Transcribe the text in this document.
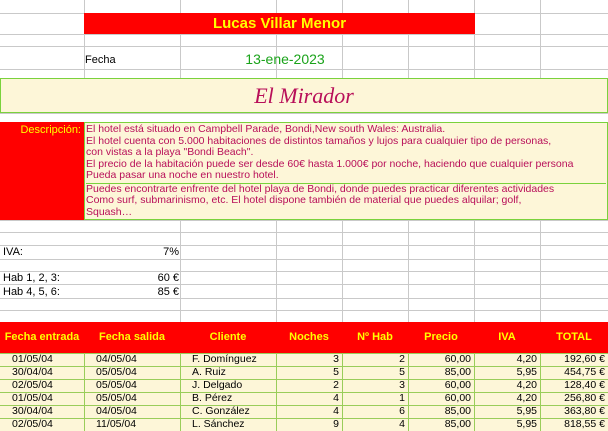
Lucas Villar Menor
Fecha	13-ene-2023
El Mirador
Descripción: El hotel está situado en Campbell Parade, Bondi,New south Wales: Australia.

El hotel cuenta con 5.000 habitaciones de distintos tamaños y lujos para cualquier tipo de personas,

con vistas a la playa "Bondi Beach".

El precio de la habitación puede ser desde 60€ hasta 1.000€ por noche, haciendo que cualquier persona

Pueda pasar una noche en nuestro hotel.

Puedes encontrarte enfrente del hotel playa de Bondi, donde puedes practicar diferentes actividades

Como surf, submarinismo, etc. El hotel dispone también de material que puedes alquilar; golf,

Squash…

IVA:	7%
Hab 1, 2, 3:	60 €
Hab 4, 5, 6:	85 €
Fecha entrada	Fecha salida	Cliente	Noches	Nº Hab	Precio	IVA	TOTAL
01/05/04	04/05/04	F. Domínguez	3	2	60,00	4,20	192,60 €
30/04/04	05/05/04	A. Ruiz	5	5	85,00	5,95	454,75 €
02/05/04	05/05/04	J. Delgado	2	3	60,00	4,20	128,40 €
01/05/04	05/05/04	B. Pérez	4	1	60,00	4,20	256,80 €
30/04/04	04/05/04	C. González	4	6	85,00	5,95	363,80 €
02/05/04	11/05/04	L. Sánchez	9	4	85,00	5,95	818,55 €
